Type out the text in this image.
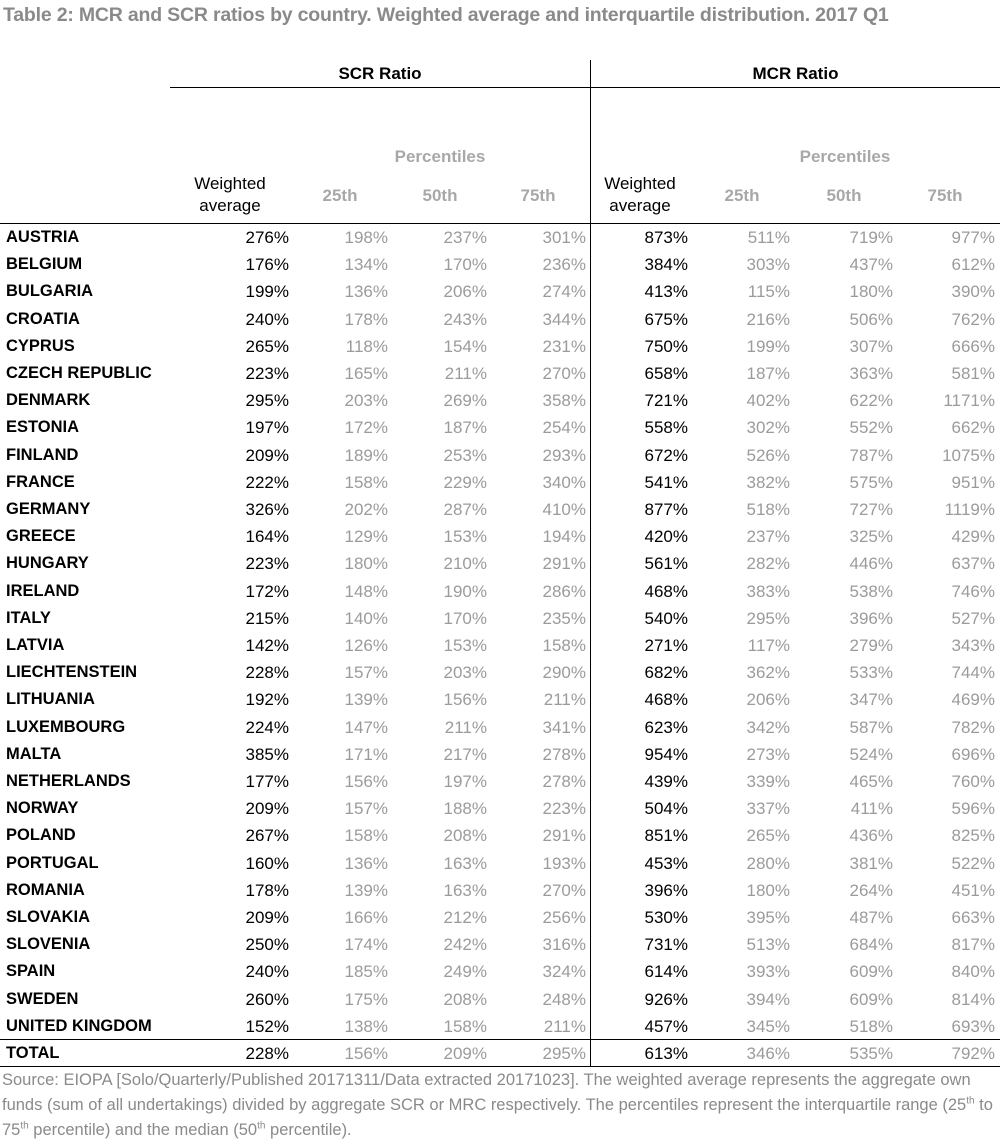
Table 2: MCR and SCR ratios by country. Weighted average and interquartile distribution. 2017 Q1
SCR Ratio	MCR Ratio
Percentiles	Percentiles
Weighted
average
25th	50th	75th
Weighted
average
25th	50th	75th
AUSTRIA	276%	198%	237%	301%	873%	511%	719%	977%
BELGIUM	176%	134%	170%	236%	384%	303%	437%	612%
BULGARIA	199%	136%	206%	274%	413%	115%	180%	390%
CROATIA	240%	178%	243%	344%	675%	216%	506%	762%
CYPRUS	265%	118%	154%	231%	750%	199%	307%	666%
CZECH REPUBLIC	223%	165%	211%	270%	658%	187%	363%	581%
DENMARK	295%	203%	269%	358%	721%	402%	622%	1171%
ESTONIA	197%	172%	187%	254%	558%	302%	552%	662%
FINLAND	209%	189%	253%	293%	672%	526%	787%	1075%
FRANCE	222%	158%	229%	340%	541%	382%	575%	951%
GERMANY	326%	202%	287%	410%	877%	518%	727%	1119%
GREECE	164%	129%	153%	194%	420%	237%	325%	429%
HUNGARY	223%	180%	210%	291%	561%	282%	446%	637%
IRELAND	172%	148%	190%	286%	468%	383%	538%	746%
ITALY	215%	140%	170%	235%	540%	295%	396%	527%
LATVIA	142%	126%	153%	158%	271%	117%	279%	343%
LIECHTENSTEIN	228%	157%	203%	290%	682%	362%	533%	744%
LITHUANIA	192%	139%	156%	211%	468%	206%	347%	469%
LUXEMBOURG	224%	147%	211%	341%	623%	342%	587%	782%
MALTA	385%	171%	217%	278%	954%	273%	524%	696%
NETHERLANDS	177%	156%	197%	278%	439%	339%	465%	760%
NORWAY	209%	157%	188%	223%	504%	337%	411%	596%
POLAND	267%	158%	208%	291%	851%	265%	436%	825%
PORTUGAL	160%	136%	163%	193%	453%	280%	381%	522%
ROMANIA	178%	139%	163%	270%	396%	180%	264%	451%
SLOVAKIA	209%	166%	212%	256%	530%	395%	487%	663%
SLOVENIA	250%	174%	242%	316%	731%	513%	684%	817%
SPAIN	240%	185%	249%	324%	614%	393%	609%	840%
SWEDEN	260%	175%	208%	248%	926%	394%	609%	814%
UNITED KINGDOM	152%	138%	158%	211%	457%	345%	518%	693%
TOTAL	228%	156%	209%	295%	613%	346%	535%	792%
Source: EIOPA [Solo/Quarterly/Published 20171311/Data extracted 20171023]. The weighted average represents the aggregate own funds (sum of all undertakings) divided by aggregate SCR or MRC respectively. The percentiles represent the interquartile range (25th to 75th percentile) and the median (50th percentile).
